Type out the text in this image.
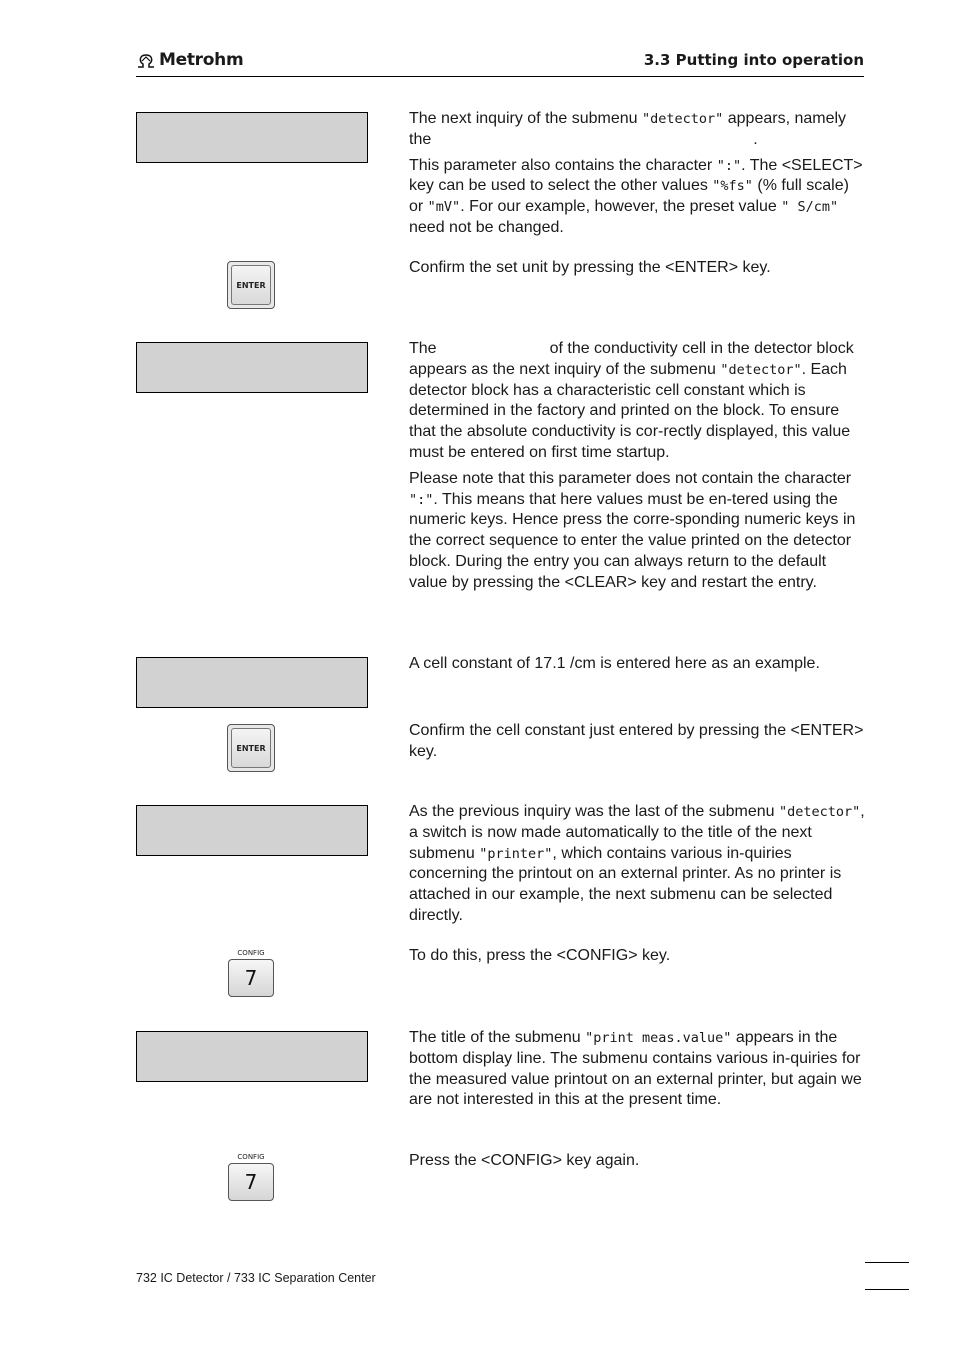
Metrohm	3.3 Putting into operation

The next inquiry of the submenu "detector" appears, namely the	.

This parameter also contains the character ":". The <SELECT> key can be used to select the other values "%fs" (% full scale) or "mV". For our example, however, the preset value " S/cm" need not be changed.

ENTER
Confirm the set unit by pressing the <ENTER> key.

The	of the conductivity cell in the detector block appears as the next inquiry of the submenu "detector". Each detector block has a characteristic cell constant which is determined in the factory and printed on the block. To ensure that the absolute conductivity is cor-rectly displayed, this value must be entered on first time startup.

Please note that this parameter does not contain the character ":". This means that here values must be en-tered using the numeric keys. Hence press the corre-sponding numeric keys in the correct sequence to enter the value printed on the detector block. During the entry you can always return to the default value by pressing the <CLEAR> key and restart the entry.

A cell constant of 17.1 /cm is entered here as an example.
ENTER
Confirm the cell constant just entered by pressing the <ENTER> key.

As the previous inquiry was the last of the submenu "detector", a switch is now made automatically to the title of the next submenu "printer", which contains various in-quiries concerning the printout on an external printer. As no printer is attached in our example, the next submenu can be selected directly.

CONFIG
7
To do this, press the <CONFIG> key.

The title of the submenu "print meas.value" appears in the bottom display line. The submenu contains various in-quiries for the measured value printout on an external printer, but again we are not interested in this at the present time.

CONFIG
7
Press the <CONFIG> key again.
732 IC Detector / 733 IC Separation Center
